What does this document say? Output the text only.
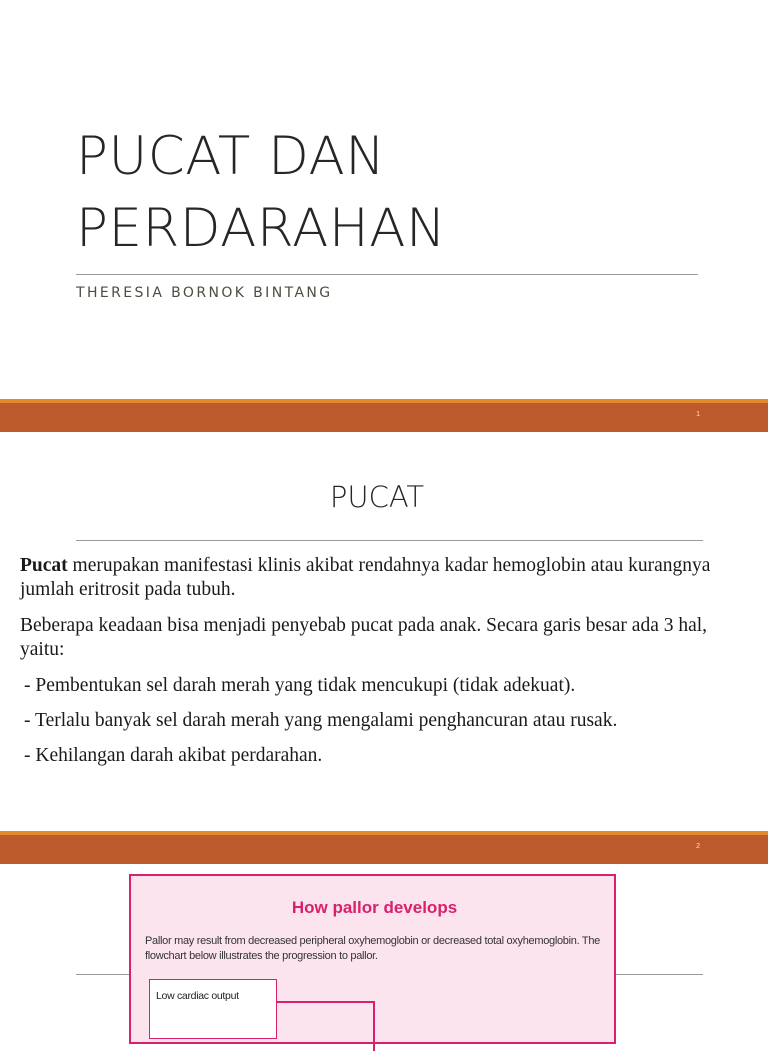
PUCAT DAN
PERDARAHAN
THERESIA BORNOK BINTANG
1
PUCAT

Pucat merupakan manifestasi klinis akibat rendahnya kadar hemoglobin atau kurangnya jumlah eritrosit pada tubuh.

Beberapa keadaan bisa menjadi penyebab pucat pada anak. Secara garis besar ada 3 hal, yaitu:

- Pembentukan sel darah merah yang tidak mencukupi (tidak adekuat).
- Terlalu banyak sel darah merah yang mengalami penghancuran atau rusak.
- Kehilangan darah akibat perdarahan.
2
How pallor develops
Pallor may result from decreased peripheral oxyhemoglobin or decreased total oxyhemoglobin. The flowchart below illustrates the progression to pallor.
Low cardiac output
